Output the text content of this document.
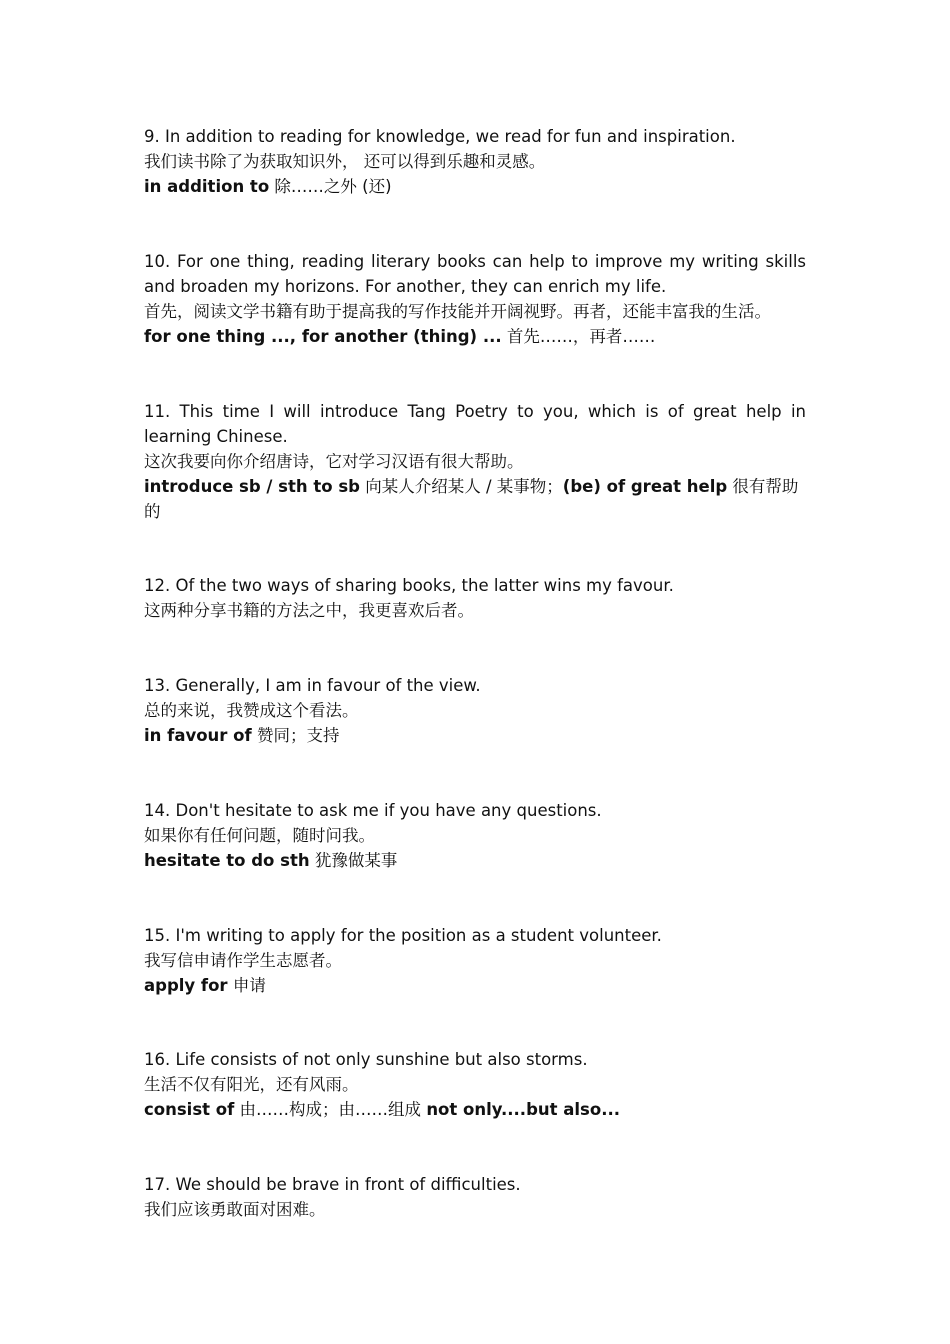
9. In addition to reading for knowledge, we read for fun and inspiration.
我们读书除了为获取知识外， 还可以得到乐趣和灵感。
in addition to 除……之外 (还)
10. For one thing, reading literary books can help to improve my writing skills and broaden my horizons. For another, they can enrich my life.
首先，阅读文学书籍有助于提高我的写作技能并开阔视野。再者，还能丰富我的生活。
for one thing ..., for another (thing) ... 首先……，再者……
11. This time I will introduce Tang Poetry to you, which is of great help in learning Chinese.
这次我要向你介绍唐诗，它对学习汉语有很大帮助。
introduce sb / sth to sb 向某人介绍某人 / 某事物；(be) of great help 很有帮助的
12. Of the two ways of sharing books, the latter wins my favour.
这两种分享书籍的方法之中，我更喜欢后者。
13. Generally, I am in favour of the view.
总的来说，我赞成这个看法。
in favour of 赞同；支持
14. Don't hesitate to ask me if you have any questions.
如果你有任何问题，随时问我。
hesitate to do sth 犹豫做某事
15. I'm writing to apply for the position as a student volunteer.
我写信申请作学生志愿者。
apply for 申请
16. Life consists of not only sunshine but also storms.
生活不仅有阳光，还有风雨。
consist of 由……构成；由……组成 not only....but also...
17. We should be brave in front of difficulties.
我们应该勇敢面对困难。
